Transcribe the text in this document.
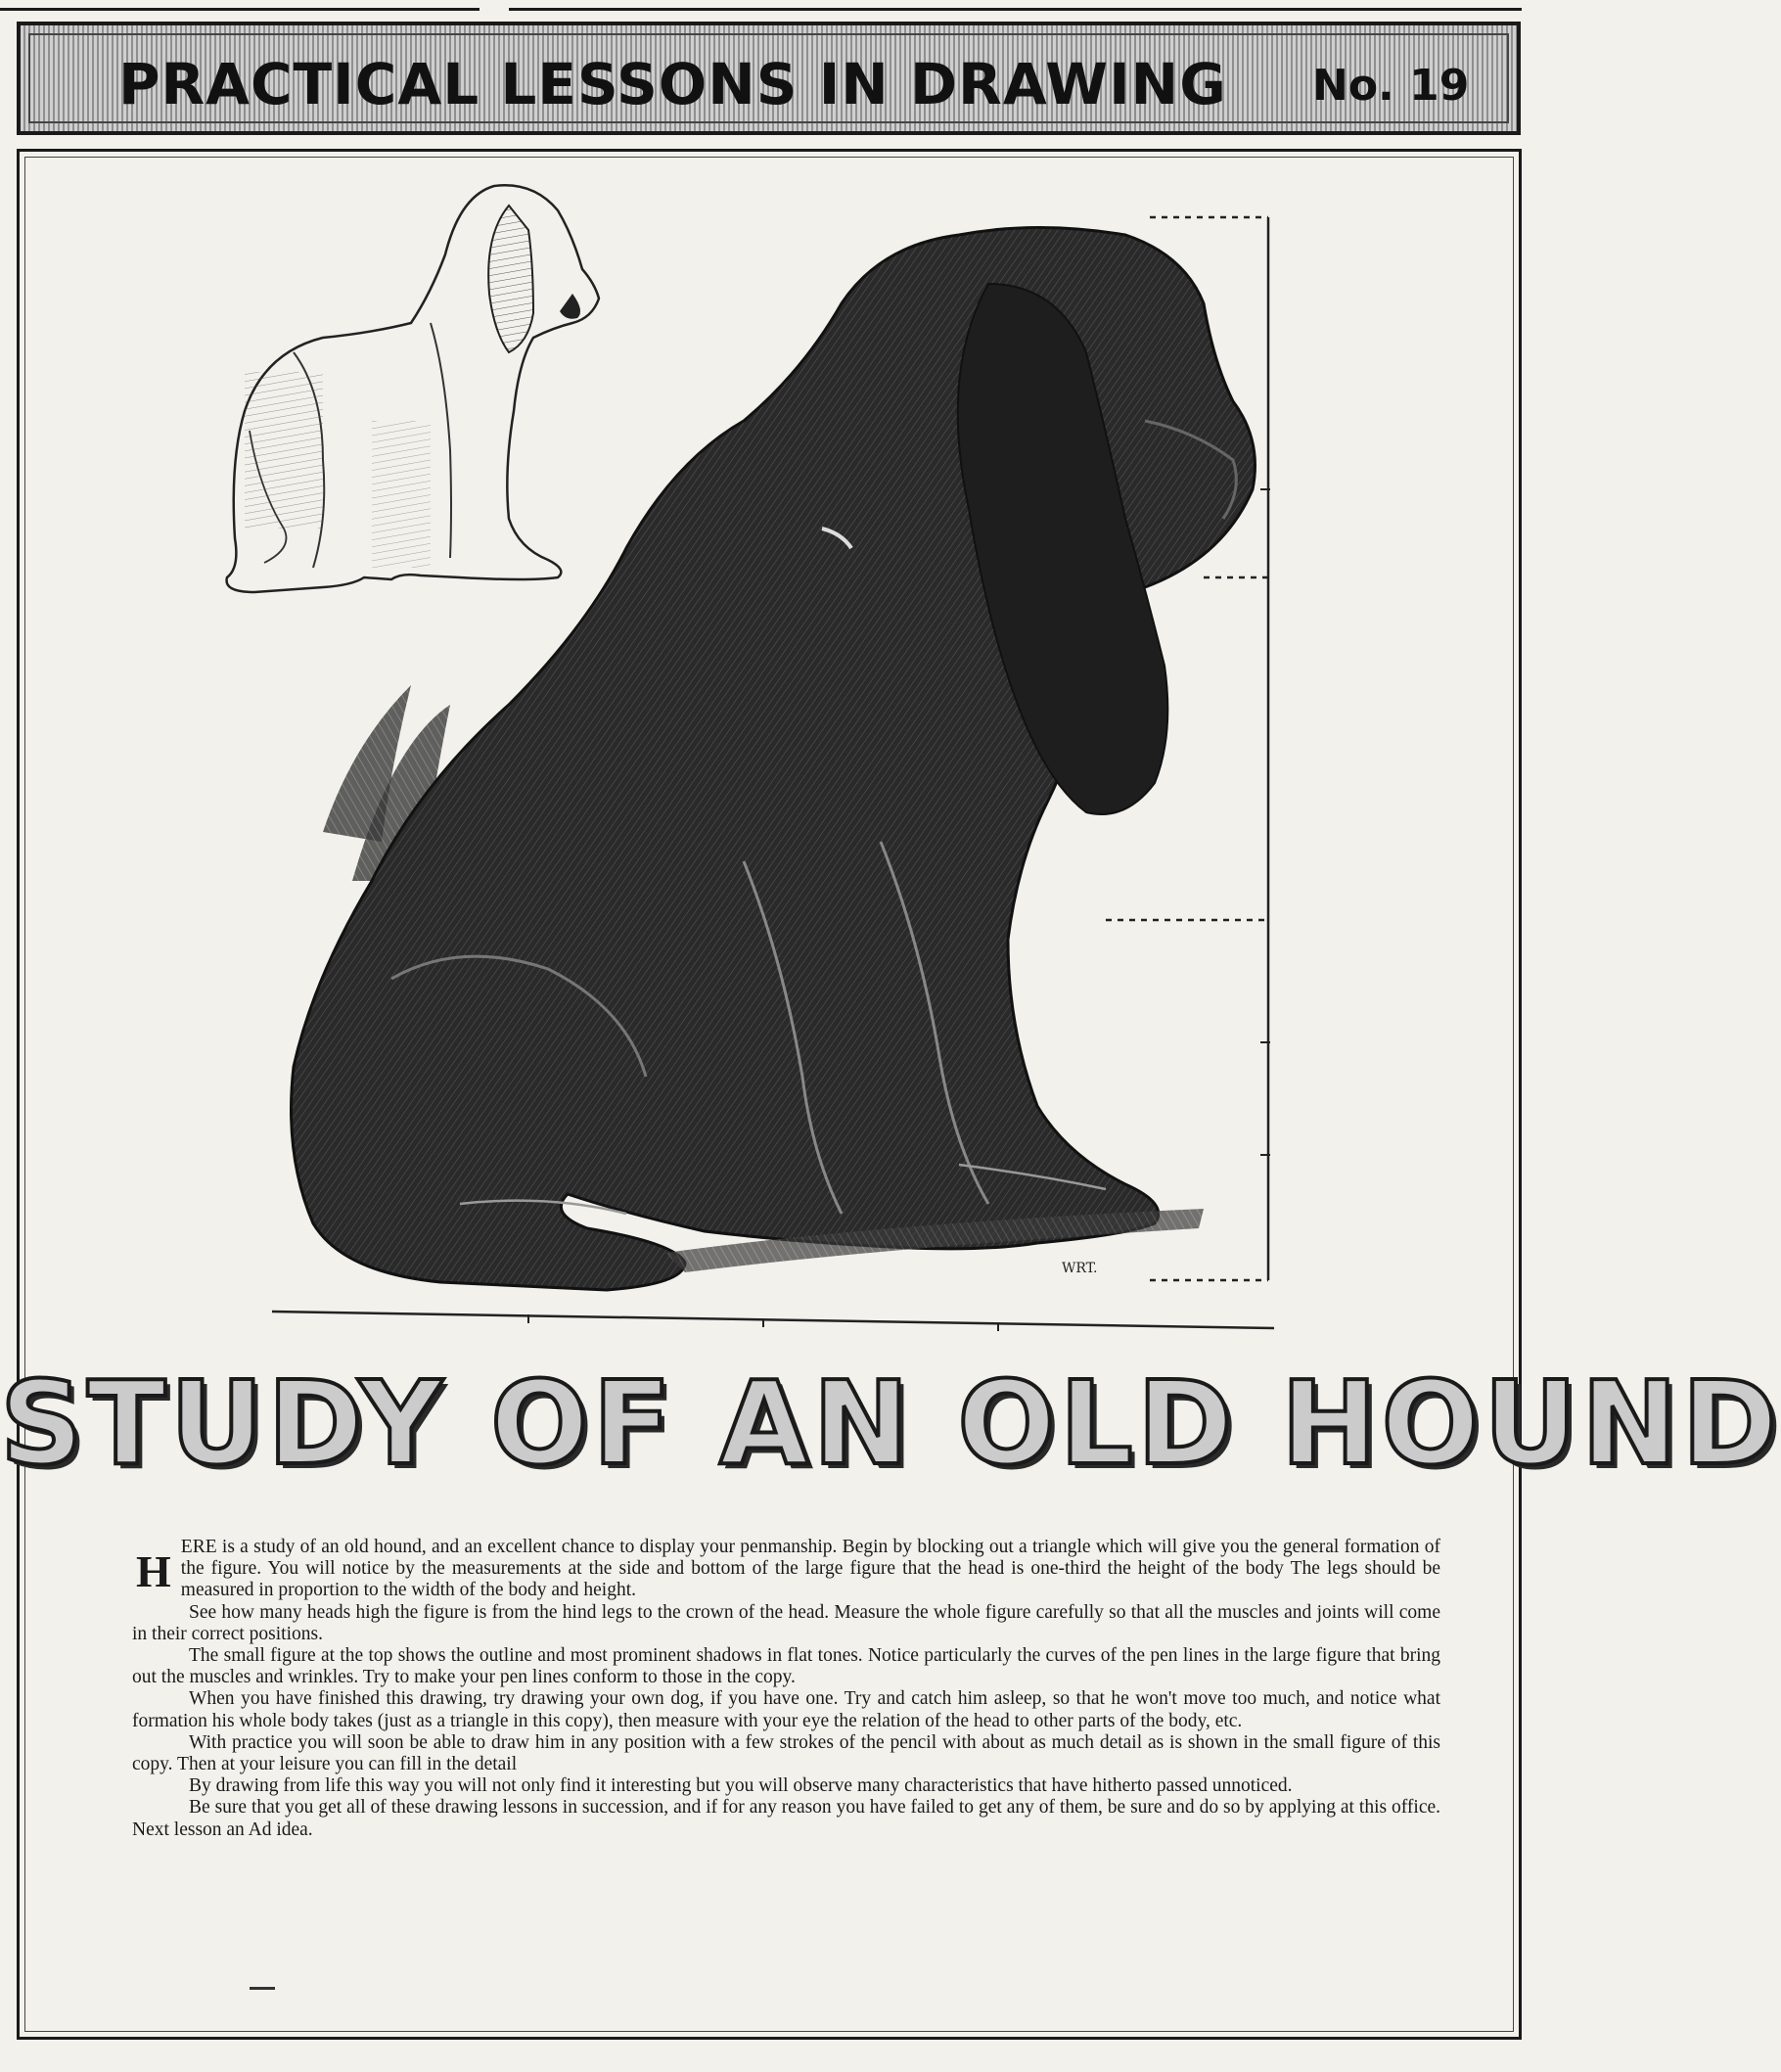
PRACTICAL LESSONS IN DRAWING No. 19
WRT.
STUDY OF AN OLD HOUND

HERE is a study of an old hound, and an excellent chance to display your penmanship. Begin by blocking out a triangle which will give you the general formation of the figure. You will notice by the measurements at the side and bottom of the large figure that the head is one-third the height of the body The legs should be measured in proportion to the width of the body and height.

See how many heads high the figure is from the hind legs to the crown of the head. Measure the whole figure carefully so that all the muscles and joints will come in their correct positions.

The small figure at the top shows the outline and most prominent shadows in flat tones. Notice particularly the curves of the pen lines in the large figure that bring out the muscles and wrinkles. Try to make your pen lines conform to those in the copy.

When you have finished this drawing, try drawing your own dog, if you have one. Try and catch him asleep, so that he won't move too much, and notice what formation his whole body takes (just as a triangle in this copy), then measure with your eye the relation of the head to other parts of the body, etc.

With practice you will soon be able to draw him in any position with a few strokes of the pencil with about as much detail as is shown in the small figure of this copy. Then at your leisure you can fill in the detail

By drawing from life this way you will not only find it interesting but you will observe many characteristics that have hitherto passed unnoticed.

Be sure that you get all of these drawing lessons in succession, and if for any reason you have failed to get any of them, be sure and do so by applying at this office. Next lesson an Ad idea.
